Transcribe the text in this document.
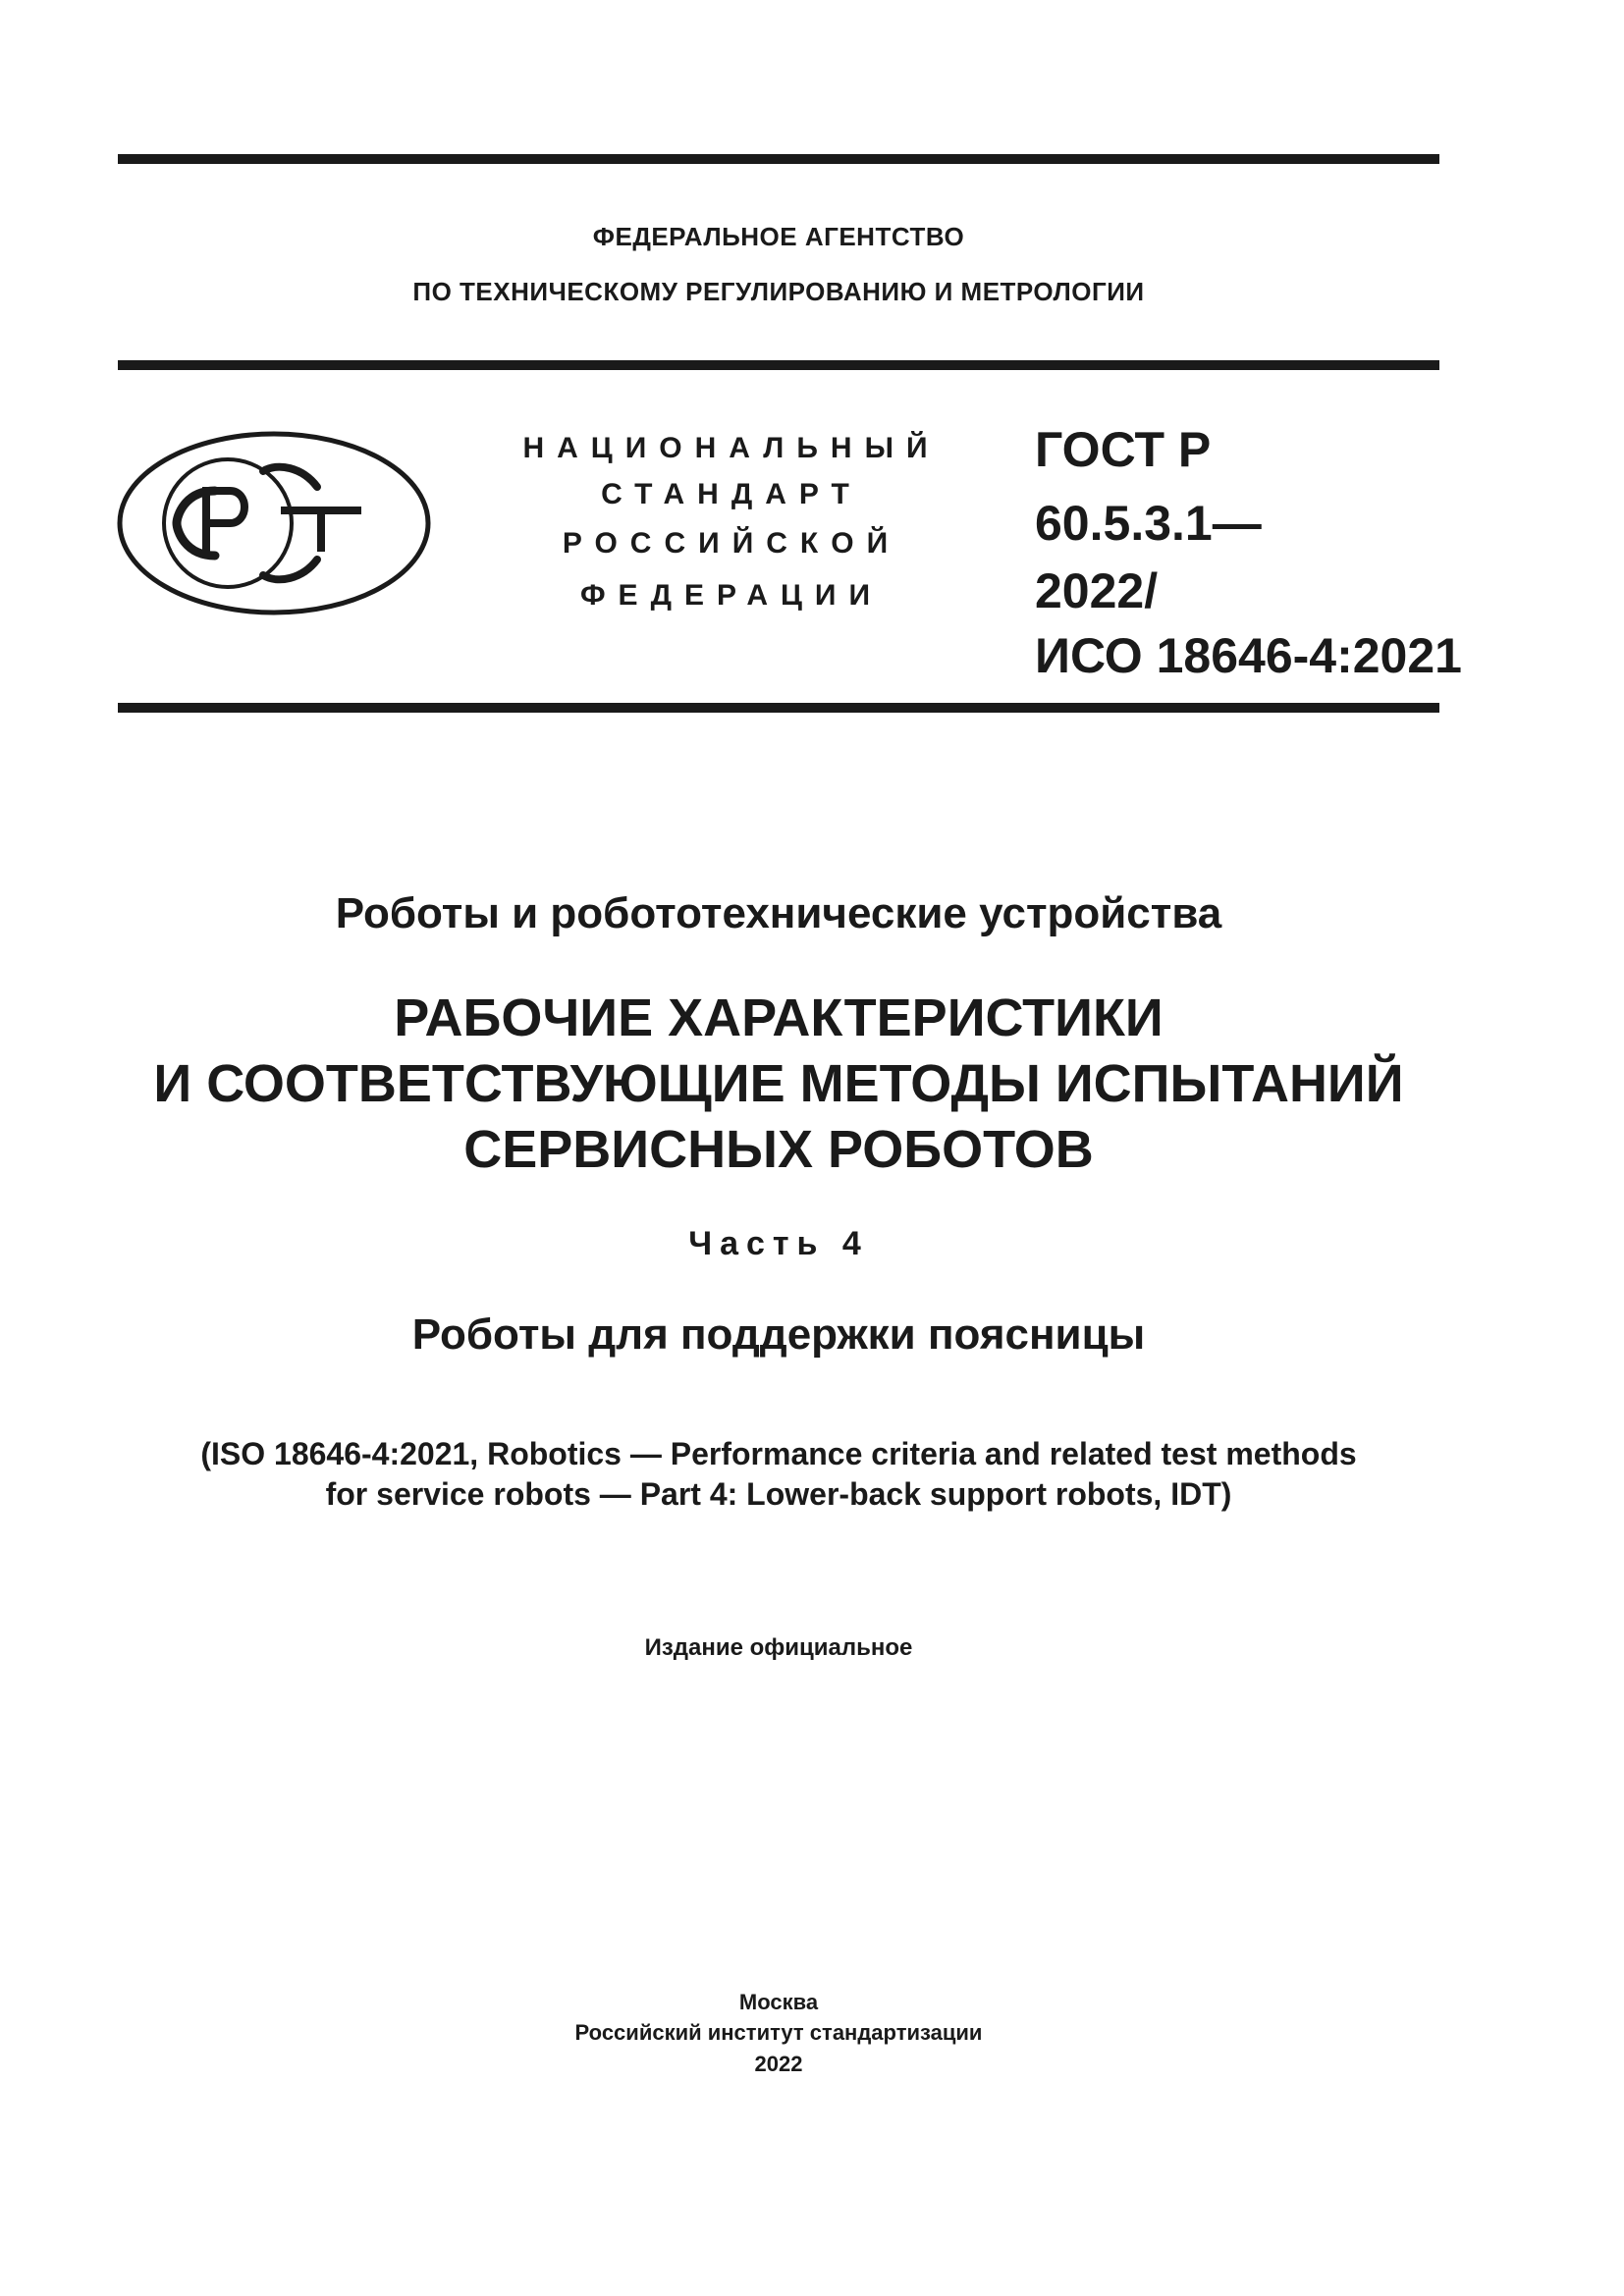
ФЕДЕРАЛЬНОЕ АГЕНТСТВО
ПО ТЕХНИЧЕСКОМУ РЕГУЛИРОВАНИЮ И МЕТРОЛОГИИ
НАЦИОНАЛЬНЫЙ
СТАНДАРТ
РОССИЙСКОЙ
ФЕДЕРАЦИИ
ГОСТ Р
60.5.3.1—
2022/
ИСО 18646-4:2021
Роботы и робототехнические устройства
РАБОЧИЕ ХАРАКТЕРИСТИКИ
И СООТВЕТСТВУЮЩИЕ МЕТОДЫ ИСПЫТАНИЙ
СЕРВИСНЫХ РОБОТОВ
Часть 4
Роботы для поддержки поясницы
(ISO 18646-4:2021, Robotics — Performance criteria and related test methods
for service robots — Part 4: Lower-back support robots, IDT)
Издание официальное
Москва
Российский институт стандартизации
2022
